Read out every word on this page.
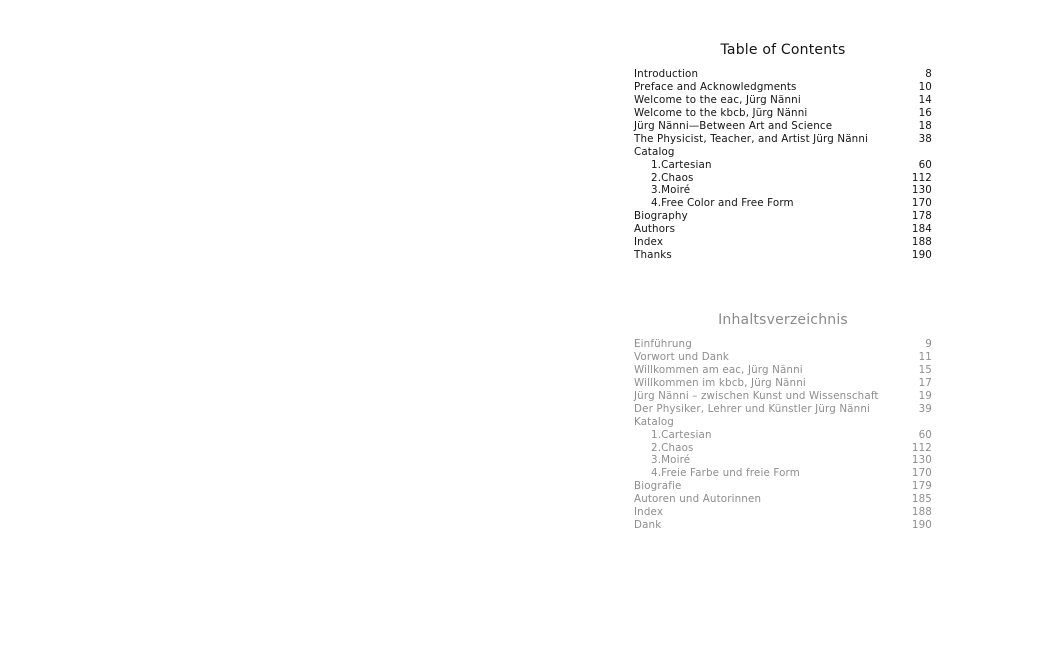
Table of Contents
Introduction	8
Preface and Acknowledgments	10
Welcome to the eac, Jürg Nänni	14
Welcome to the kbcb, Jürg Nänni	16
Jürg Nänni—Between Art and Science	18
The Physicist, Teacher, and Artist Jürg Nänni	38
Catalog
1.Cartesian	60
2.Chaos	112
3.Moiré	130
4.Free Color and Free Form	170
Biography	178
Authors	184
Index	188
Thanks	190
Inhaltsverzeichnis
Einführung	9
Vorwort und Dank	11
Willkommen am eac, Jürg Nänni	15
Willkommen im kbcb, Jürg Nänni	17
Jürg Nänni – zwischen Kunst und Wissenschaft	19
Der Physiker, Lehrer und Künstler Jürg Nänni	39
Katalog
1.Cartesian	60
2.Chaos	112
3.Moiré	130
4.Freie Farbe und freie Form	170
Biografie	179
Autoren und Autorinnen	185
Index	188
Dank	190
